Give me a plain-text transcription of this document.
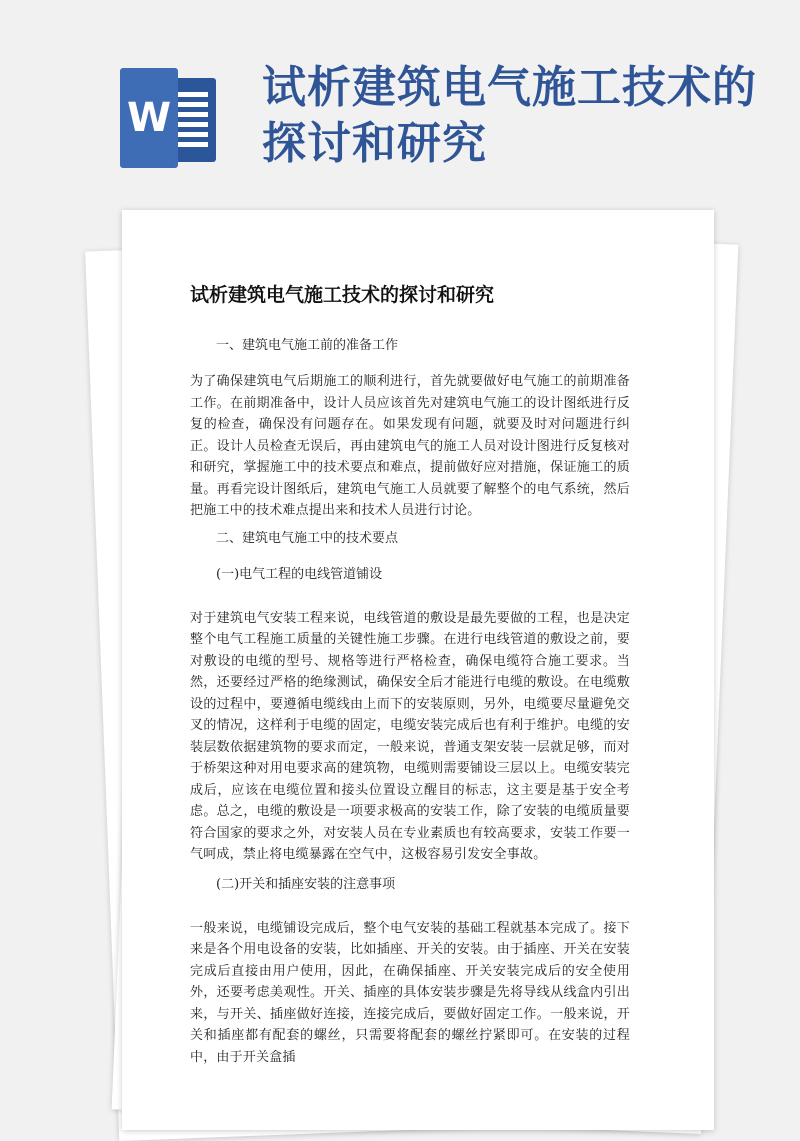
W
试析建筑电气施工技术的探讨和研究
试析建筑电气施工技术的探讨和研究
一、建筑电气施工前的准备工作

为了确保建筑电气后期施工的顺利进行，首先就要做好电气施工的前期准备工作。在前期准备中，设计人员应该首先对建筑电气施工的设计图纸进行反复的检查，确保没有问题存在。如果发现有问题，就要及时对问题进行纠正。设计人员检查无误后，再由建筑电气的施工人员对设计图进行反复核对和研究，掌握施工中的技术要点和难点，提前做好应对措施，保证施工的质量。再看完设计图纸后，建筑电气施工人员就要了解整个的电气系统，然后把施工中的技术难点提出来和技术人员进行讨论。

二、建筑电气施工中的技术要点
(一)电气工程的电线管道铺设

对于建筑电气安装工程来说，电线管道的敷设是最先要做的工程，也是决定整个电气工程施工质量的关键性施工步骤。在进行电线管道的敷设之前，要对敷设的电缆的型号、规格等进行严格检查，确保电缆符合施工要求。当然，还要经过严格的绝缘测试，确保安全后才能进行电缆的敷设。在电缆敷设的过程中，要遵循电缆线由上而下的安装原则，另外，电缆要尽量避免交叉的情况，这样利于电缆的固定，电缆安装完成后也有利于维护。电缆的安装层数依据建筑物的要求而定，一般来说，普通支架安装一层就足够，而对于桥架这种对用电要求高的建筑物，电缆则需要铺设三层以上。电缆安装完成后，应该在电缆位置和接头位置设立醒目的标志，这主要是基于安全考虑。总之，电缆的敷设是一项要求极高的安装工作，除了安装的电缆质量要符合国家的要求之外，对安装人员在专业素质也有较高要求，安装工作要一气呵成，禁止将电缆暴露在空气中，这极容易引发安全事故。

(二)开关和插座安装的注意事项

一般来说，电缆铺设完成后，整个电气安装的基础工程就基本完成了。接下来是各个用电设备的安装，比如插座、开关的安装。由于插座、开关在安装完成后直接由用户使用，因此，在确保插座、开关安装完成后的安全使用外，还要考虑美观性。开关、插座的具体安装步骤是先将导线从线盒内引出来，与开关、插座做好连接，连接完成后，要做好固定工作。一般来说，开关和插座都有配套的螺丝，只需要将配套的螺丝拧紧即可。在安装的过程中，由于开关盒插
